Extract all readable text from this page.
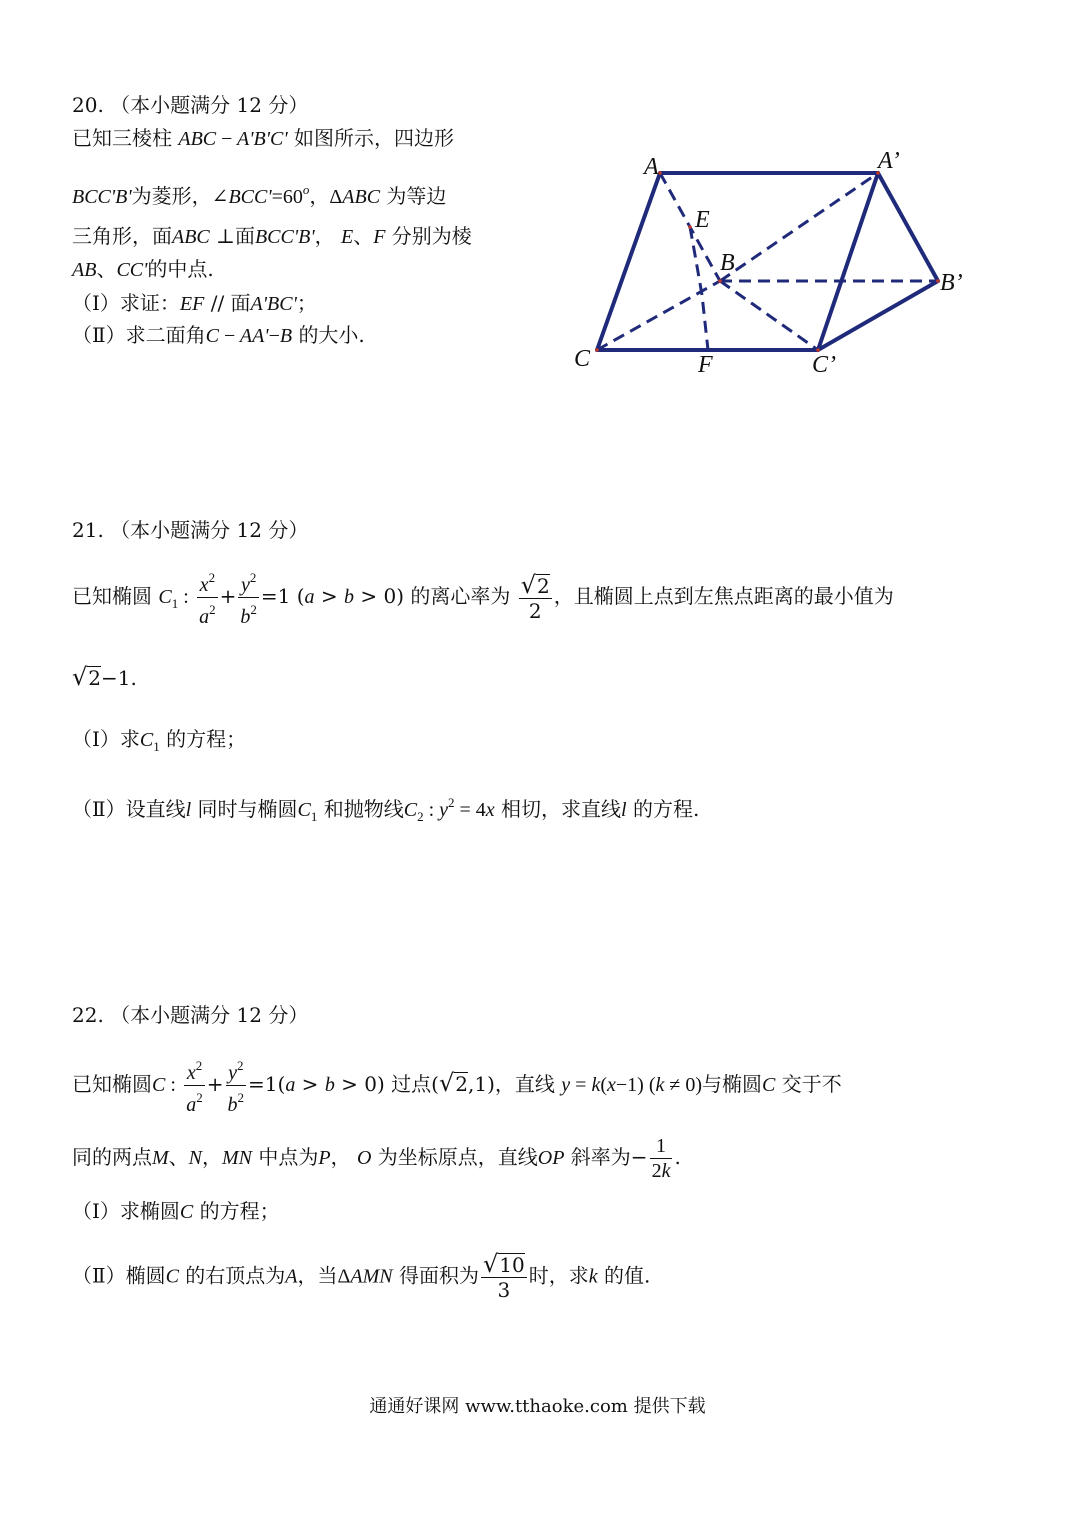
20. （本小题满分 12 分）
已知三棱柱 ABC − A'B'C' 如图所示，四边形
BCC'B'为菱形，$\angle BCC'=60^o$，ΔABC 为等边
三角形，面ABC ⊥面BCC'B'， E、F 分别为棱
AB、CC'的中点.
（Ⅰ）求证：EF // 面A'BC'；
（Ⅱ）求二面角C − AA'−B 的大小.
A	A’
E
B
B’
C	F	C’
21. （本小题满分 12 分）
已知椭圆 $C_1$ : $\frac{x^2}{a^2} + \frac{y^2}{b^2} =1$ (a > b > 0) 的离心率为 $\frac{√2}{2}$ ，且椭圆上点到左焦点距离的最小值为
√2−1.
（Ⅰ）求$C_1$ 的方程；
（Ⅱ）设直线l 同时与椭圆$C_1$ 和抛物线$C_2$ : $y^2 = 4x$ 相切，求直线l 的方程.
22. （本小题满分 12 分）
已知椭圆C : $\frac{x^2}{a^2} + \frac{y^2}{b^2} =1(a > b > 0)$ 过点(√2,1)，直线 y = k(x−1) (k ≠ 0)与椭圆C 交于不
同的两点M、N，MN 中点为P， O 为坐标原点，直线OP 斜率为− $\frac{1}{2k}$ .
（Ⅰ）求椭圆C 的方程；
（Ⅱ）椭圆C 的右顶点为A，当ΔAMN 得面积为 $\frac{√10}{3}$ 时，求k 的值.
通通好课网 www.tthaoke.com 提供下载
